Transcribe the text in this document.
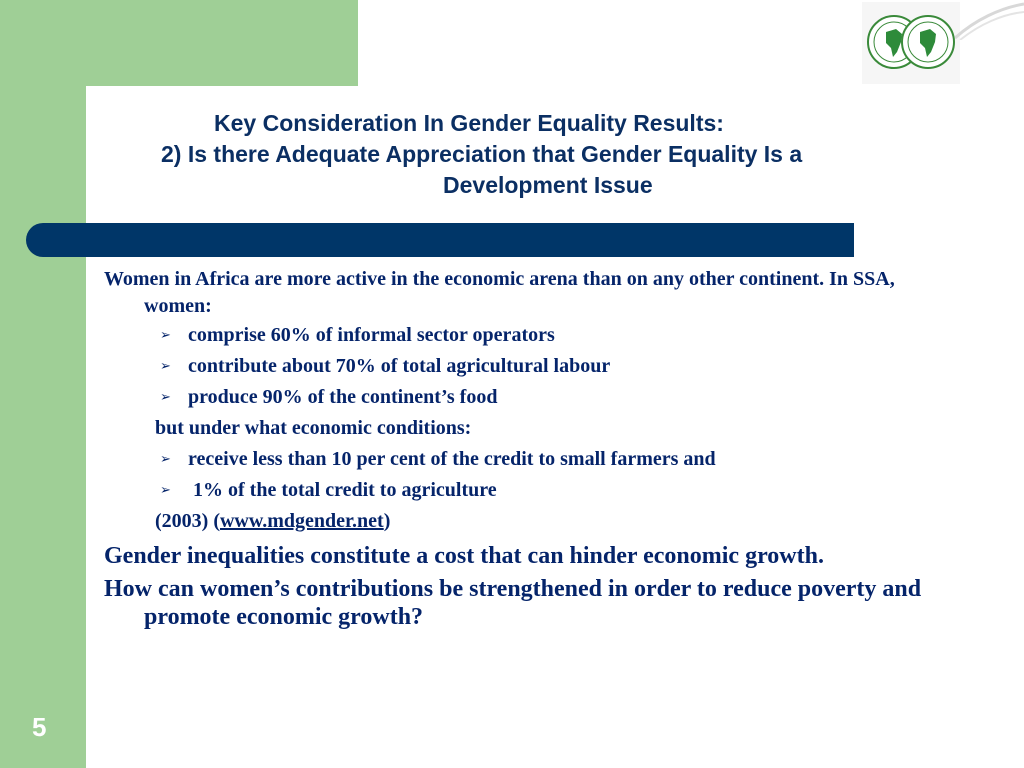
Key Consideration In Gender Equality Results:
2) Is there Adequate Appreciation that Gender Equality Is a
Development Issue

Women in Africa are more active in the economic arena than on any other continent. In SSA, women:

➢ comprise 60% of informal sector operators
➢ contribute about 70% of total agricultural labour
➢ produce 90% of the continent’s food
but under what economic conditions:
➢ receive less than 10 per cent of the credit to small farmers and
➢ 1% of the total credit to agriculture
(2003) (www.mdgender.net)

Gender inequalities constitute a cost that can hinder economic growth.

How can women’s contributions be strengthened in order to reduce poverty and promote economic growth?

5
